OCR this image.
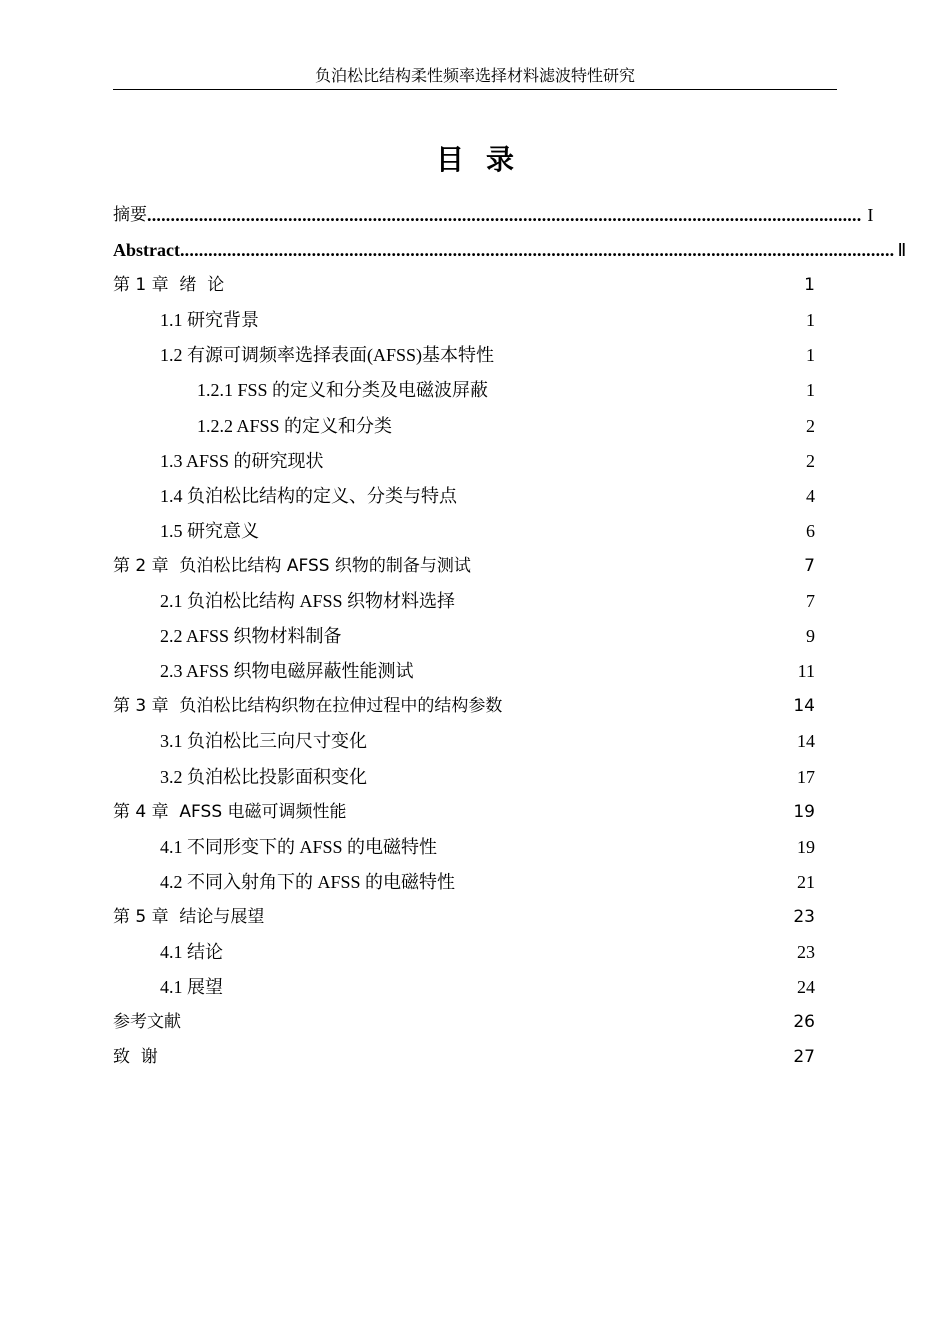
负泊松比结构柔性频率选择材料滤波特性研究
目录
摘要 ........................................................................................................................................................ I
Abstract ........................................................................................................................................................ Ⅱ
第 1 章  绪  论	1
1.1 研究背景	1
1.2 有源可调频率选择表面(AFSS)基本特性	1
1.2.1 FSS 的定义和分类及电磁波屏蔽	1
1.2.2 AFSS 的定义和分类	2
1.3 AFSS 的研究现状	2
1.4 负泊松比结构的定义、分类与特点	4
1.5 研究意义	6
第 2 章  负泊松比结构 AFSS 织物的制备与测试	7
2.1 负泊松比结构 AFSS 织物材料选择	7
2.2 AFSS 织物材料制备	9
2.3 AFSS 织物电磁屏蔽性能测试	11
第 3 章  负泊松比结构织物在拉伸过程中的结构参数	14
3.1 负泊松比三向尺寸变化	14
3.2 负泊松比投影面积变化	17
第 4 章  AFSS 电磁可调频性能	19
4.1 不同形变下的 AFSS 的电磁特性	19
4.2 不同入射角下的 AFSS 的电磁特性	21
第 5 章  结论与展望	23
4.1 结论	23
4.1 展望	24
参考文献	26
致  谢	27
